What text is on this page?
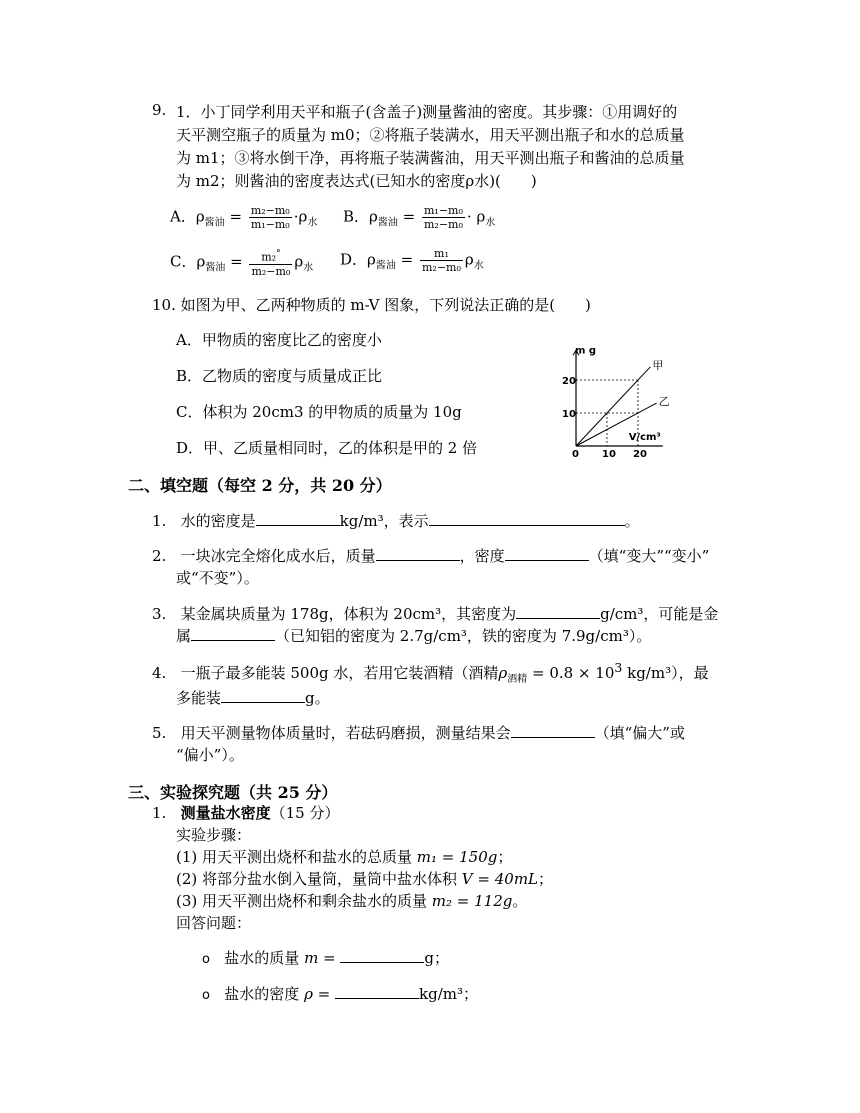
9. 1．小丁同学利用天平和瓶子(含盖子)测量酱油的密度。其步骤：①用调好的
天平测空瓶子的质量为 m0；②将瓶子装满水，用天平测出瓶子和水的总质量
为 m1；③将水倒干净，再将瓶子装满酱油，用天平测出瓶子和酱油的总质量
为 m2；则酱油的密度表达式(已知水的密度ρ水)(　　)
A．$\rho_{酱油} = \frac{\text{m₂−m₀}}{\text{m₁−m₀}} \cdot\rho_水$ B．$\rho_{酱油} = \frac{\text{m₁−m₀}}{\text{m₂−m₀}} \cdot \rho_水$
C．$\rho_{酱油} = \frac{m_2^\circ}{\text{m₂−m₀}} \rho_水$ D．$\rho_{酱油} = \frac{\text{m₁}}{\text{m₂−m₀}} \rho_水$
10. 如图为甲、乙两种物质的 m-V 图象，下列说法正确的是(　　)
A．甲物质的密度比乙的密度小
B．乙物质的密度与质量成正比
C．体积为 20cm3 的甲物质的质量为 10g
D．甲、乙质量相同时，乙的体积是甲的 2 倍
m g
V/cm³
0 10 20
10
20
甲
乙
二、填空题（每空 2 分，共 20 分）
1. 水的密度是	kg/m³，表示	。
2. 一块冰完全熔化成水后，质量	，密度	（填“变大”“变小”
或“不变”）。
3. 某金属块质量为 178g，体积为 20cm³，其密度为	g/cm³，可能是金
属	（已知铝的密度为 2.7g/cm³，铁的密度为 7.9g/cm³）。
4. 一瓶子最多能装 500g 水，若用它装酒精（酒精$\rho_{酒精} = 0.8 \times 10^3$ kg/m³），最
多能装	g。
5. 用天平测量物体质量时，若砝码磨损，测量结果会	（填“偏大”或
“偏小”）。
三、实验探究题（共 25 分）
1. 测量盐水密度（15 分）
实验步骤：
(1) 用天平测出烧杯和盐水的总质量 m₁ = 150g；
(2) 将部分盐水倒入量筒，量筒中盐水体积 V = 40mL；
(3) 用天平测出烧杯和剩余盐水的质量 m₂ = 112g。
回答问题：
o 盐水的质量 m =	g；
o 盐水的密度 ρ =	kg/m³；
